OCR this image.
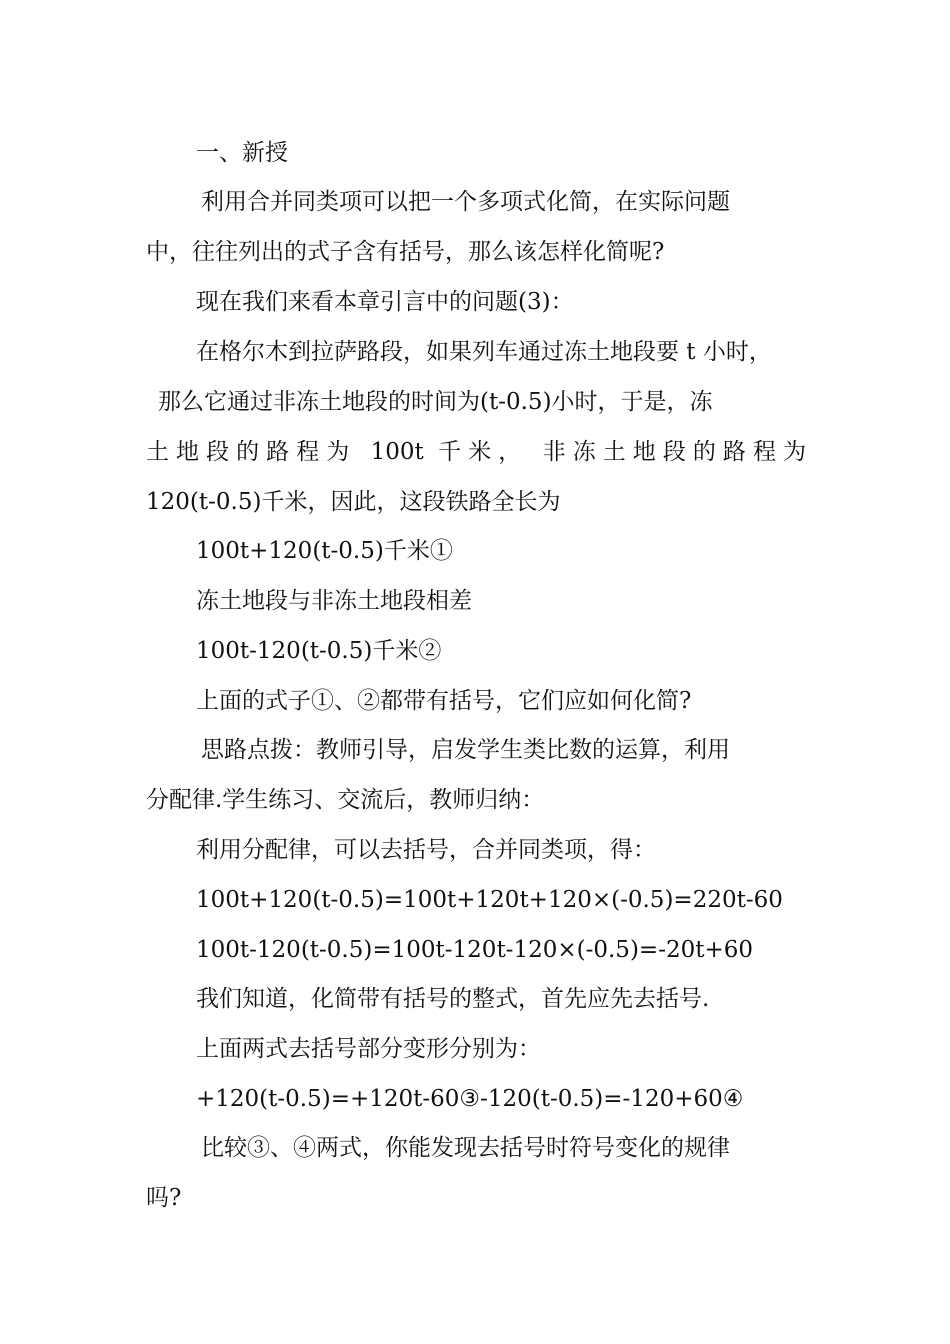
一、新授
利用合并同类项可以把一个多项式化简，在实际问题
中，往往列出的式子含有括号，那么该怎样化简呢?
现在我们来看本章引言中的问题(3)：
在格尔木到拉萨路段，如果列车通过冻土地段要 t 小时，
那么它通过非冻土地段的时间为(t-0.5)小时，于是，冻
土地段的路程为 100t 千米， 非冻土地段的路程为
120(t-0.5)千米，因此，这段铁路全长为
100t+120(t-0.5)千米①
冻土地段与非冻土地段相差
100t-120(t-0.5)千米②
上面的式子①、②都带有括号，它们应如何化简?
思路点拨：教师引导，启发学生类比数的运算，利用
分配律.学生练习、交流后，教师归纳：
利用分配律，可以去括号，合并同类项，得：
100t+120(t-0.5)=100t+120t+120×(-0.5)=220t-60
100t-120(t-0.5)=100t-120t-120×(-0.5)=-20t+60
我们知道，化简带有括号的整式，首先应先去括号.
上面两式去括号部分变形分别为：
+120(t-0.5)=+120t-60③-120(t-0.5)=-120+60④
比较③、④两式，你能发现去括号时符号变化的规律
吗?
